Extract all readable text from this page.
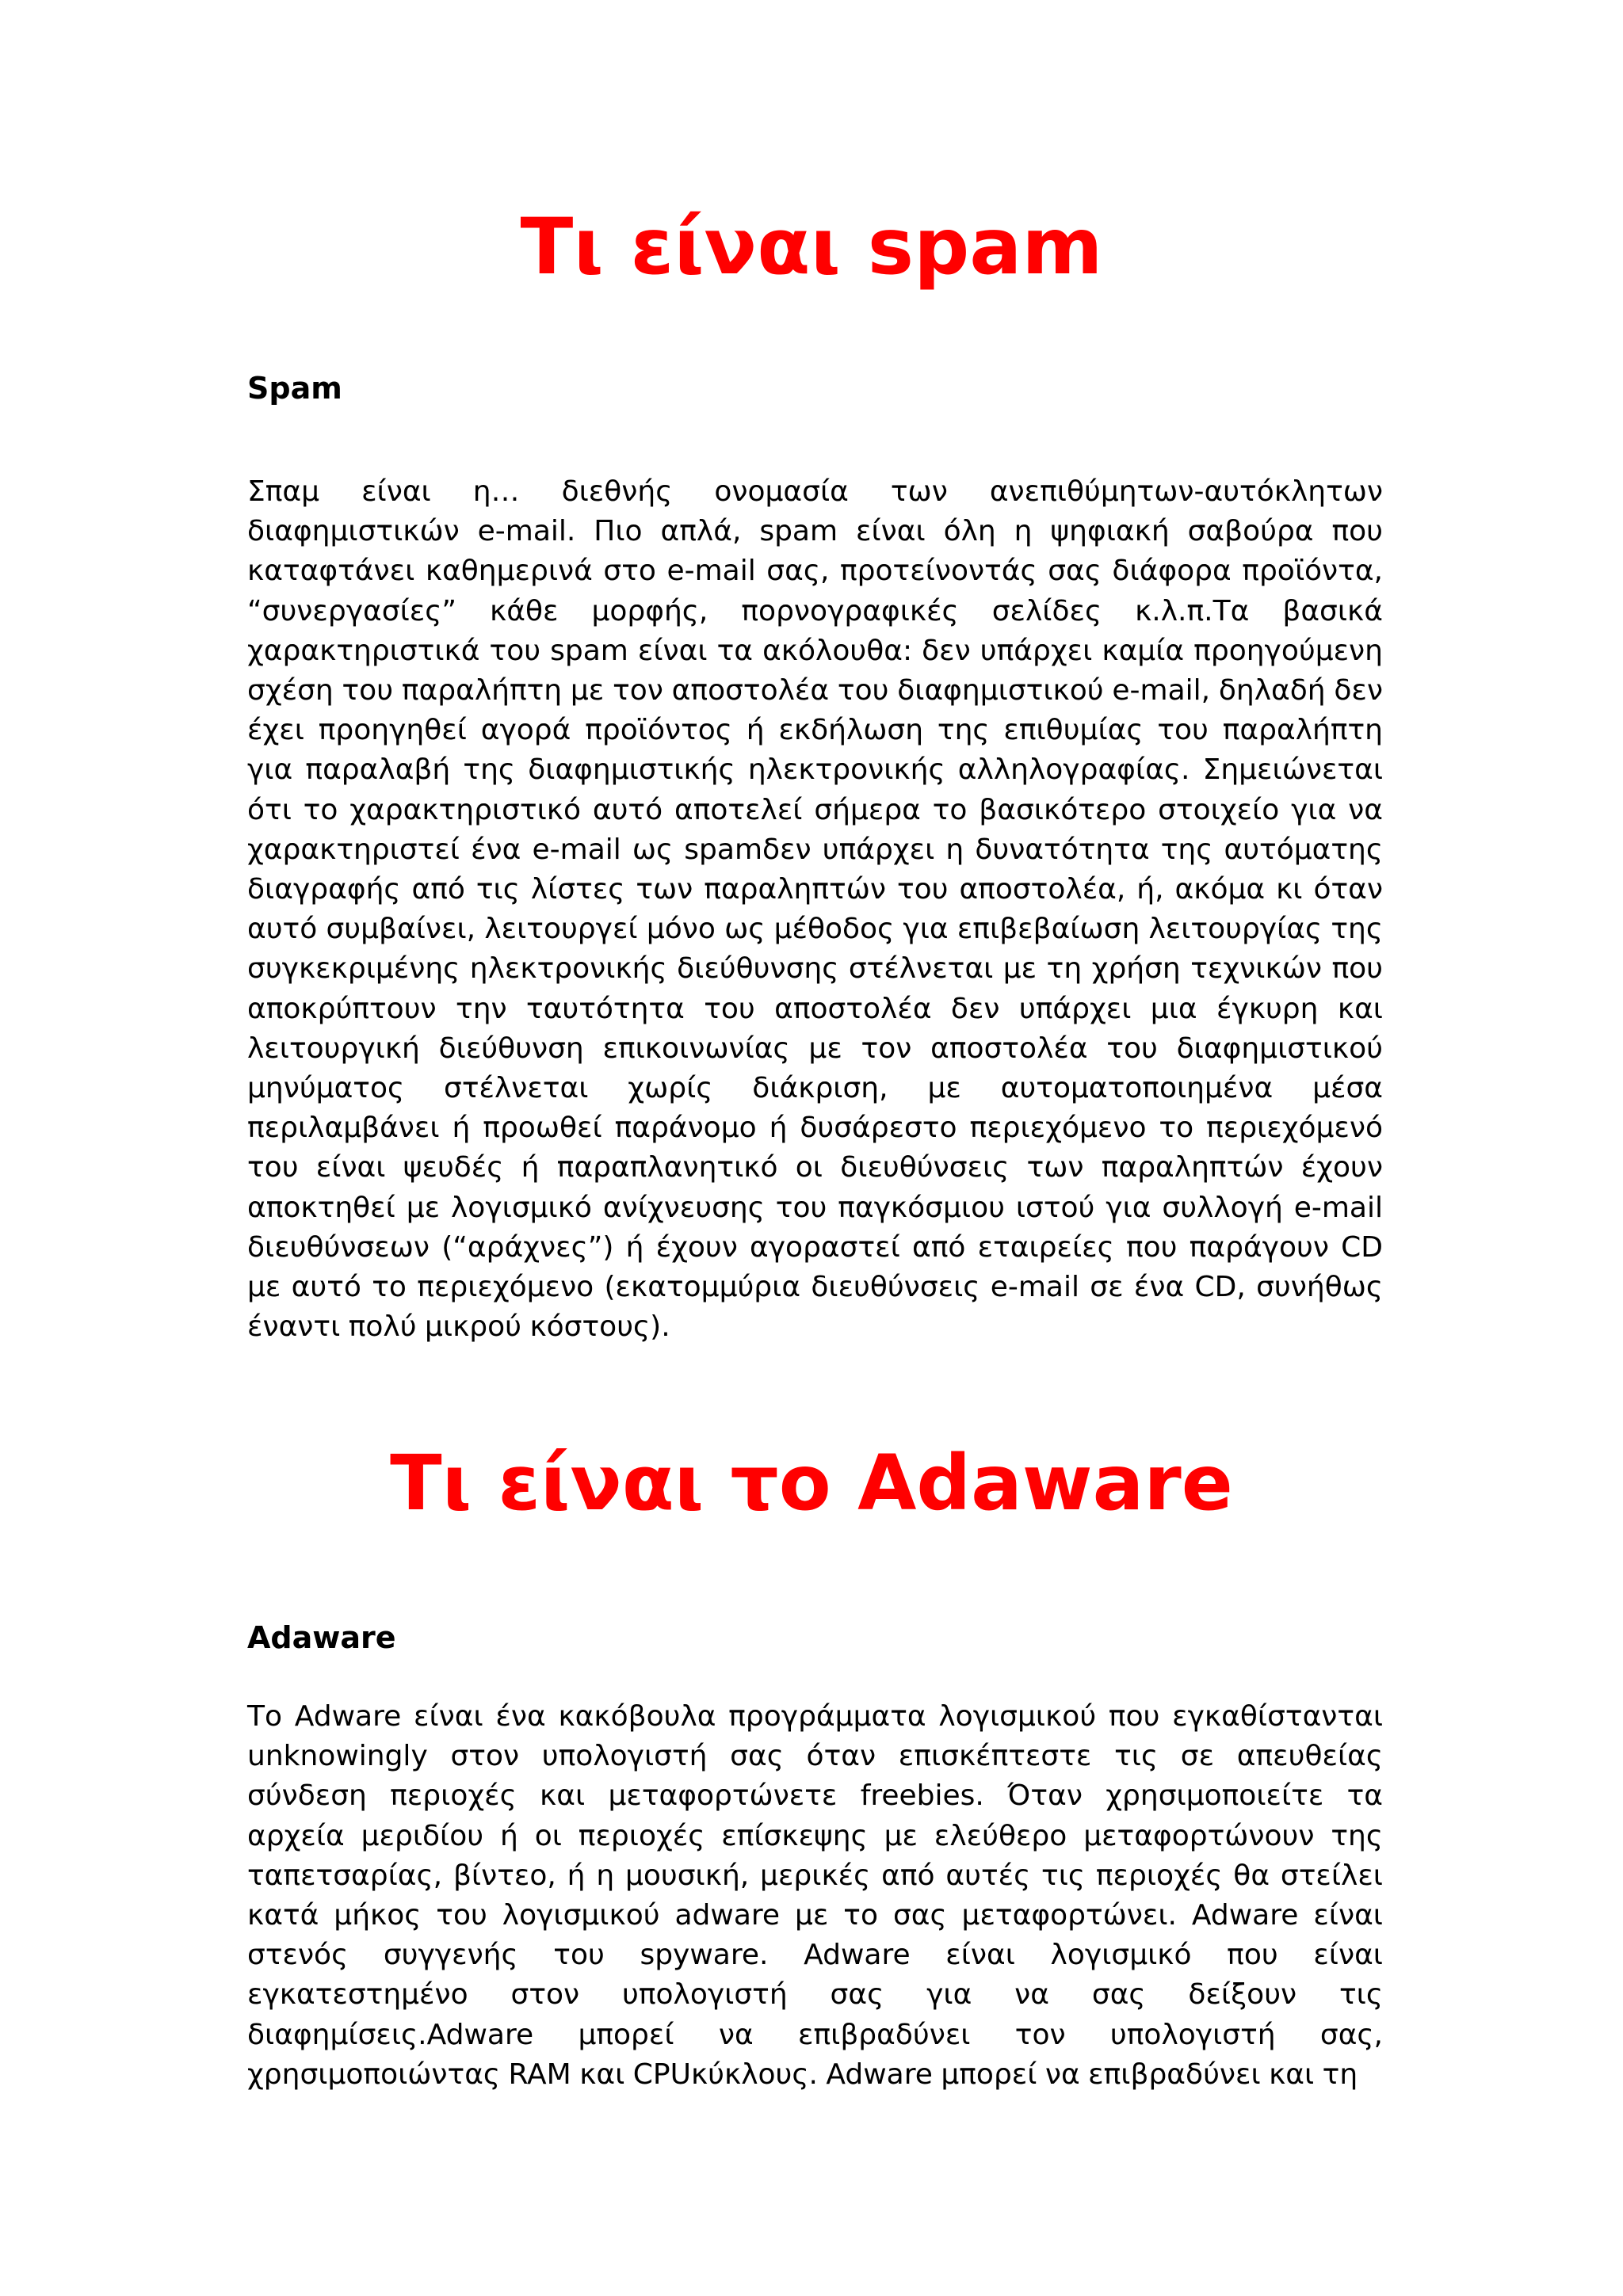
Τι είναι spam
Spam

Σπαμ είναι η… διεθνής ονομασία των ανεπιθύμητων-αυτόκλητων διαφημιστικών e-mail. Πιο απλά, spam είναι όλη η ψηφιακή σαβούρα που καταφτάνει καθημερινά στο e-mail σας, προτείνοντάς σας διάφορα προϊόντα, “συνεργασίες” κάθε μορφής, πορνογραφικές σελίδες κ.λ.π.Τα βασικά χαρακτηριστικά του spam είναι τα ακόλουθα: δεν υπάρχει καμία προηγούμενη σχέση του παραλήπτη με τον αποστολέα του διαφημιστικού e-mail, δηλαδή δεν έχει προηγηθεί αγορά προϊόντος ή εκδήλωση της επιθυμίας του παραλήπτη για παραλαβή της διαφημιστικής ηλεκτρονικής αλληλογραφίας. Σημειώνεται ότι το χαρακτηριστικό αυτό αποτελεί σήμερα το βασικότερο στοιχείο για να χαρακτηριστεί ένα e-mail ως spamδεν υπάρχει η δυνατότητα της αυτόματης διαγραφής από τις λίστες των παραληπτών του αποστολέα, ή, ακόμα κι όταν αυτό συμβαίνει, λειτουργεί μόνο ως μέθοδος για επιβεβαίωση λειτουργίας της συγκεκριμένης ηλεκτρονικής διεύθυνσης στέλνεται με τη χρήση τεχνικών που αποκρύπτουν την ταυτότητα του αποστολέα δεν υπάρχει μια έγκυρη και λειτουργική διεύθυνση επικοινωνίας με τον αποστολέα του διαφημιστικού μηνύματος στέλνεται χωρίς διάκριση, με αυτοματοποιημένα μέσα περιλαμβάνει ή προωθεί παράνομο ή δυσάρεστο περιεχόμενο το περιεχόμενό του είναι ψευδές ή παραπλανητικό οι διευθύνσεις των παραληπτών έχουν αποκτηθεί με λογισμικό ανίχνευσης του παγκόσμιου ιστού για συλλογή e-mail διευθύνσεων (“αράχνες”) ή έχουν αγοραστεί από εταιρείες που παράγουν CD με αυτό το περιεχόμενο (εκατομμύρια διευθύνσεις e-mail σε ένα CD, συνήθως έναντι πολύ μικρού κόστους).

Τι είναι το Adaware
Adaware

Το Adware είναι ένα κακόβουλα προγράμματα λογισμικού που εγκαθίστανται unknowingly στον υπολογιστή σας όταν επισκέπτεστε τις σε απευθείας σύνδεση περιοχές και μεταφορτώνετε freebies. Όταν χρησιμοποιείτε τα αρχεία μεριδίου ή οι περιοχές επίσκεψης με ελεύθερο μεταφορτώνουν της ταπετσαρίας, βίντεο, ή η μουσική, μερικές από αυτές τις περιοχές θα στείλει κατά μήκος του λογισμικού adware με το σας μεταφορτώνει. Adware είναι στενός συγγενής του spyware. Adware είναι λογισμικό που είναι εγκατεστημένο στον υπολογιστή σας για να σας δείξουν τις διαφημίσεις.Adware μπορεί να επιβραδύνει τον υπολογιστή σας, χρησιμοποιώντας RAM και CPUκύκλους. Adware μπορεί να επιβραδύνει και τη
